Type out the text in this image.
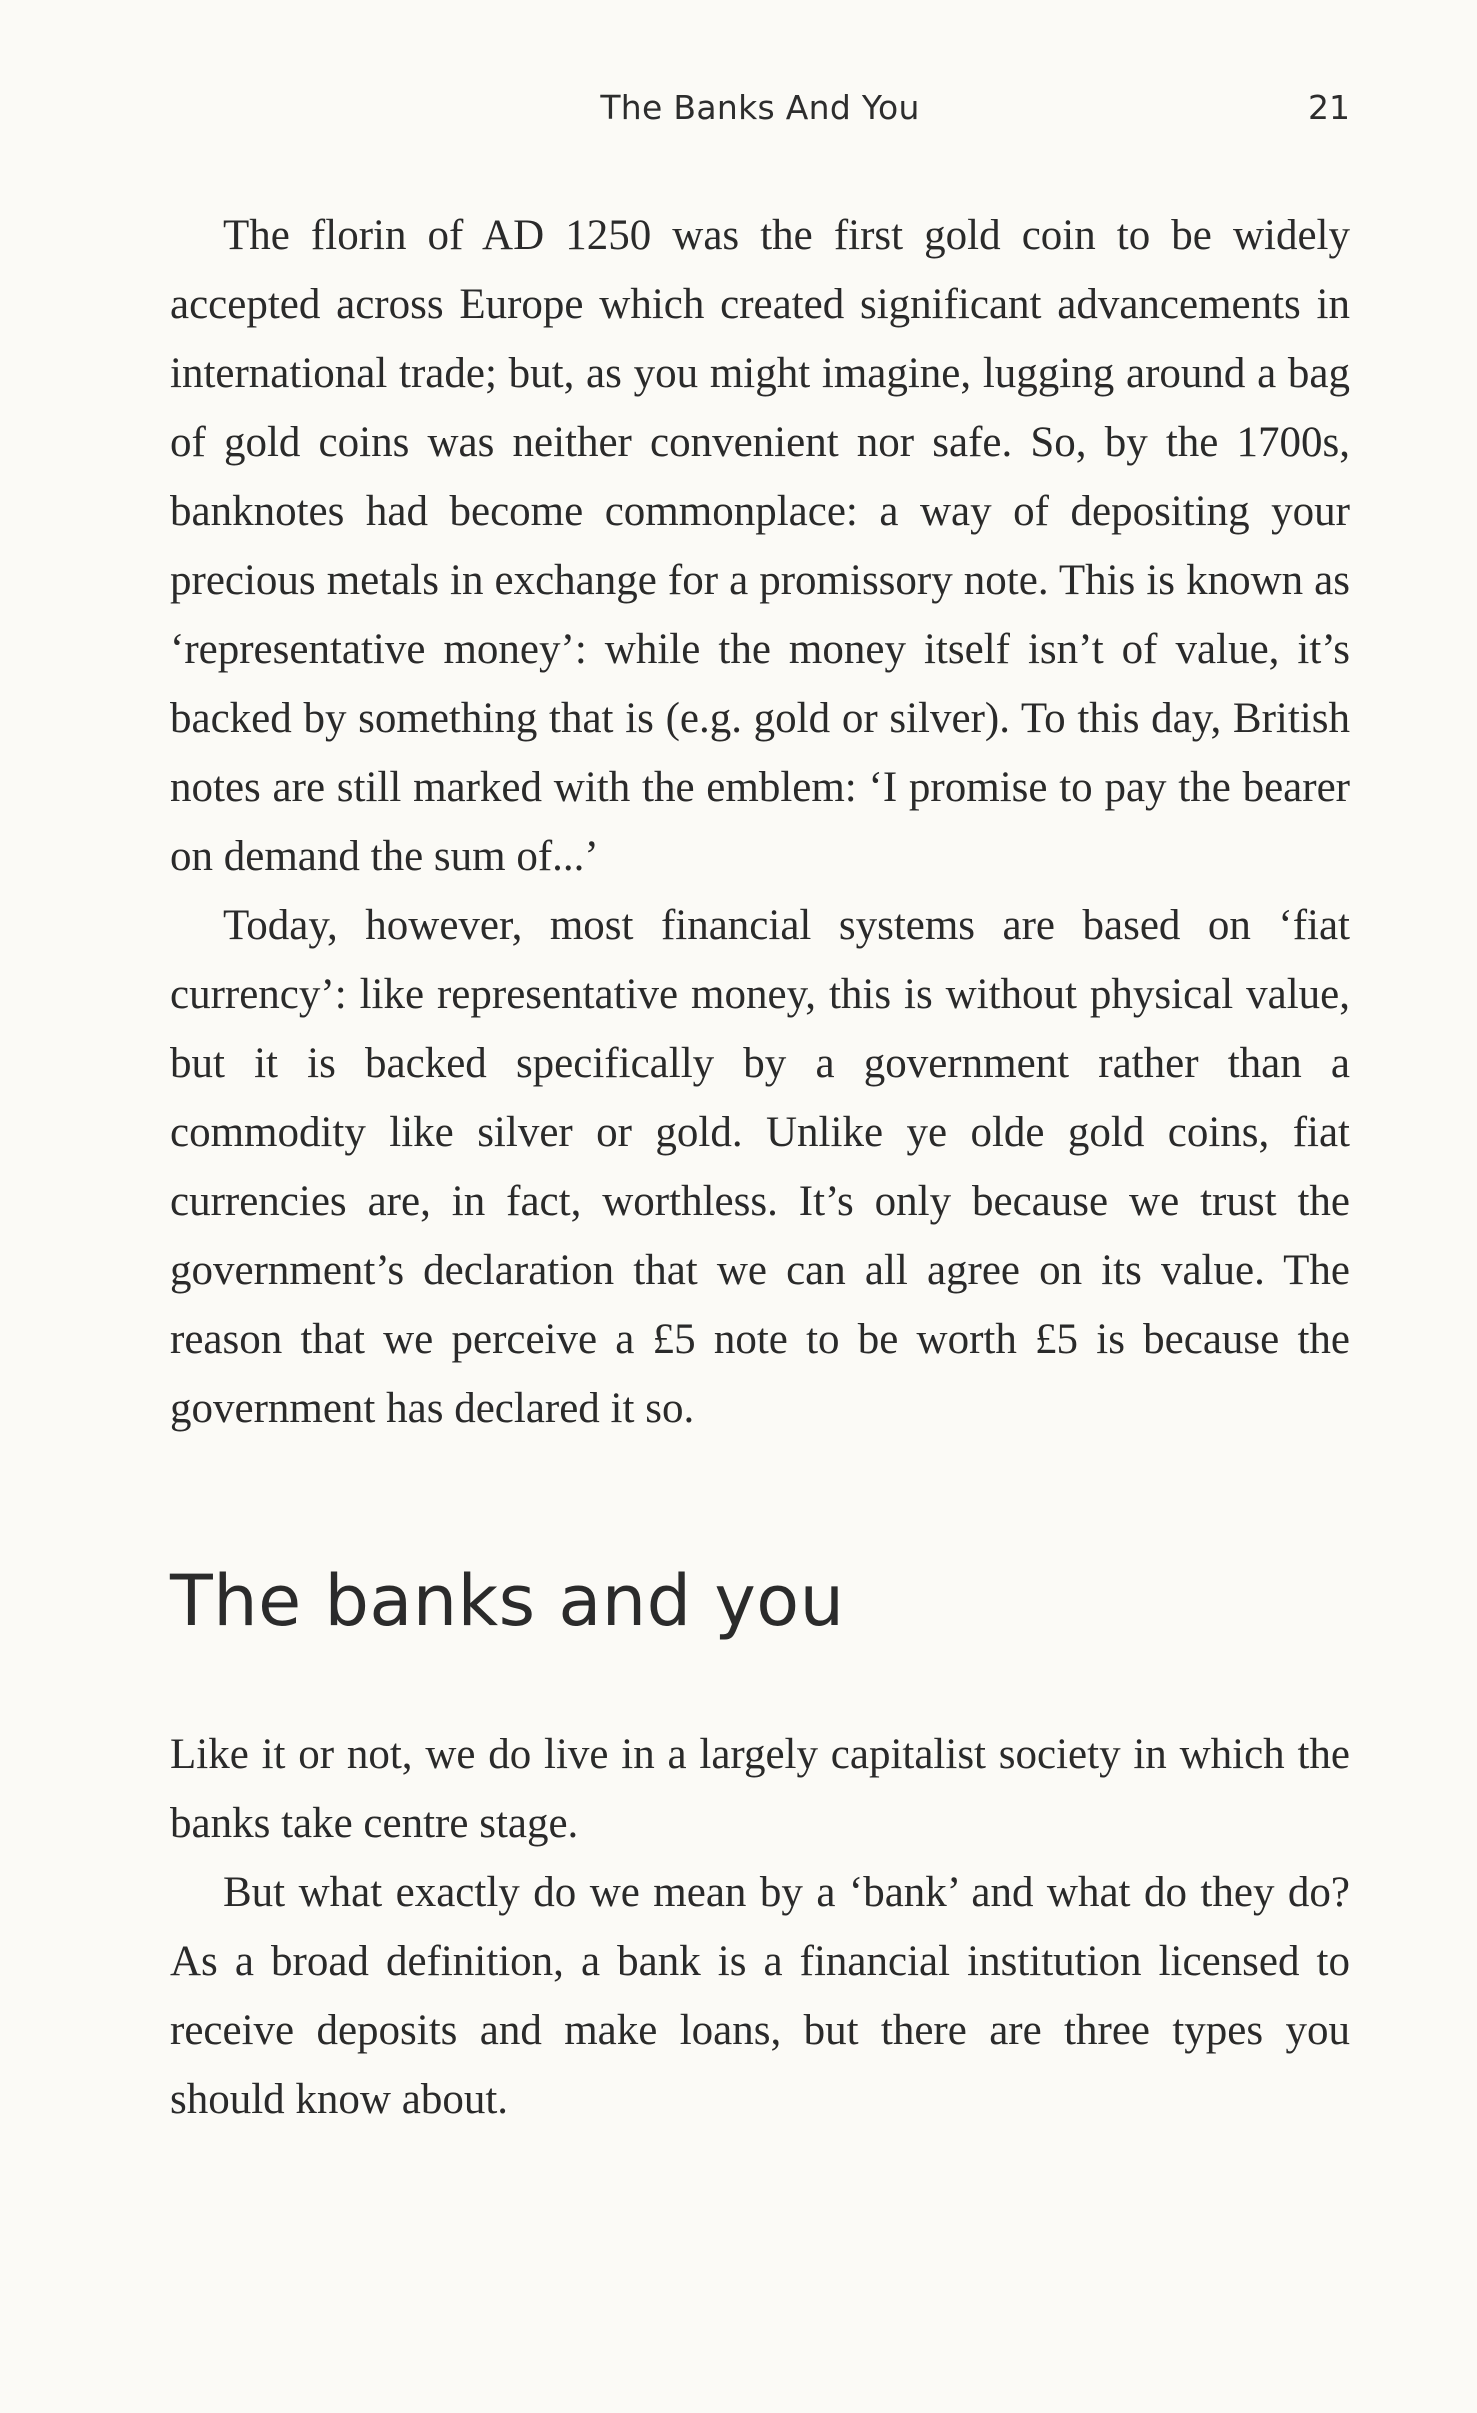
The Banks And You	21

The florin of AD 1250 was the first gold coin to be widely accepted across Europe which created significant advancements in international trade; but, as you might imagine, lugging around a bag of gold coins was neither convenient nor safe. So, by the 1700s, banknotes had become commonplace: a way of depositing your precious metals in exchange for a promissory note. This is known as ‘representative money’: while the money itself isn’t of value, it’s backed by something that is (e.g. gold or silver). To this day, British notes are still marked with the emblem: ‘I promise to pay the bearer on demand the sum of...’

Today, however, most financial systems are based on ‘fiat currency’: like representative money, this is without physical value, but it is backed specifically by a government rather than a commodity like silver or gold. Unlike ye olde gold coins, fiat currencies are, in fact, worthless. It’s only because we trust the government’s declaration that we can all agree on its value. The reason that we perceive a £5 note to be worth £5 is because the government has declared it so.

The banks and you

Like it or not, we do live in a largely capitalist society in which the banks take centre stage.

But what exactly do we mean by a ‘bank’ and what do they do? As a broad definition, a bank is a financial institution licensed to receive deposits and make loans, but there are three types you should know about.
